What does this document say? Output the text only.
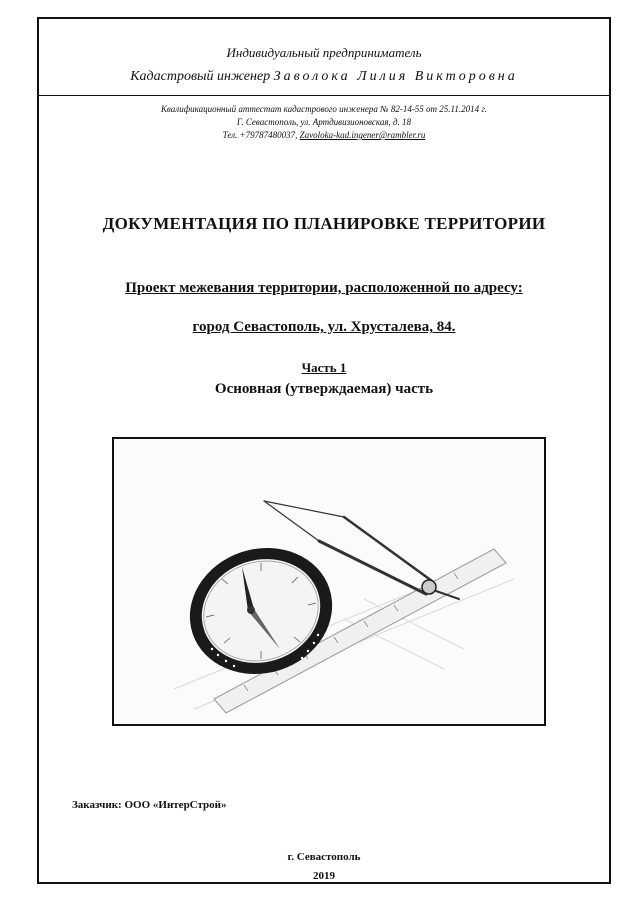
Индивидуальный предприниматель
Кадастровый инженер Заволока Лилия Викторовна
Квалификационный аттестат кадастрового инженера № 82-14-55 от 25.11.2014 г.
Г. Севастополь, ул. Артдивизионовская, д. 18
Тел. +79787480037, Zavoloka-kad.ingener@rambler.ru
ДОКУМЕНТАЦИЯ ПО ПЛАНИРОВКЕ ТЕРРИТОРИИ
Проект межевания территории, расположенной по адресу:
город Севастополь, ул. Хрусталева, 84.
Часть 1
Основная (утверждаемая) часть
Заказчик: ООО «ИнтерСтрой»
г. Севастополь
2019
